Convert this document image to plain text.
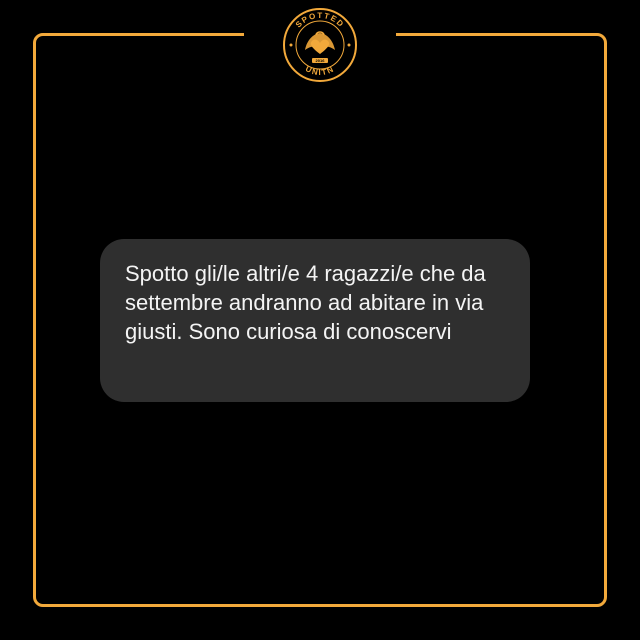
SPOTTED
UNITN
2016

Spotto gli/le altri/e 4 ragazzi/e che da settembre andranno ad abitare in via giusti. Sono curiosa di conoscervi
